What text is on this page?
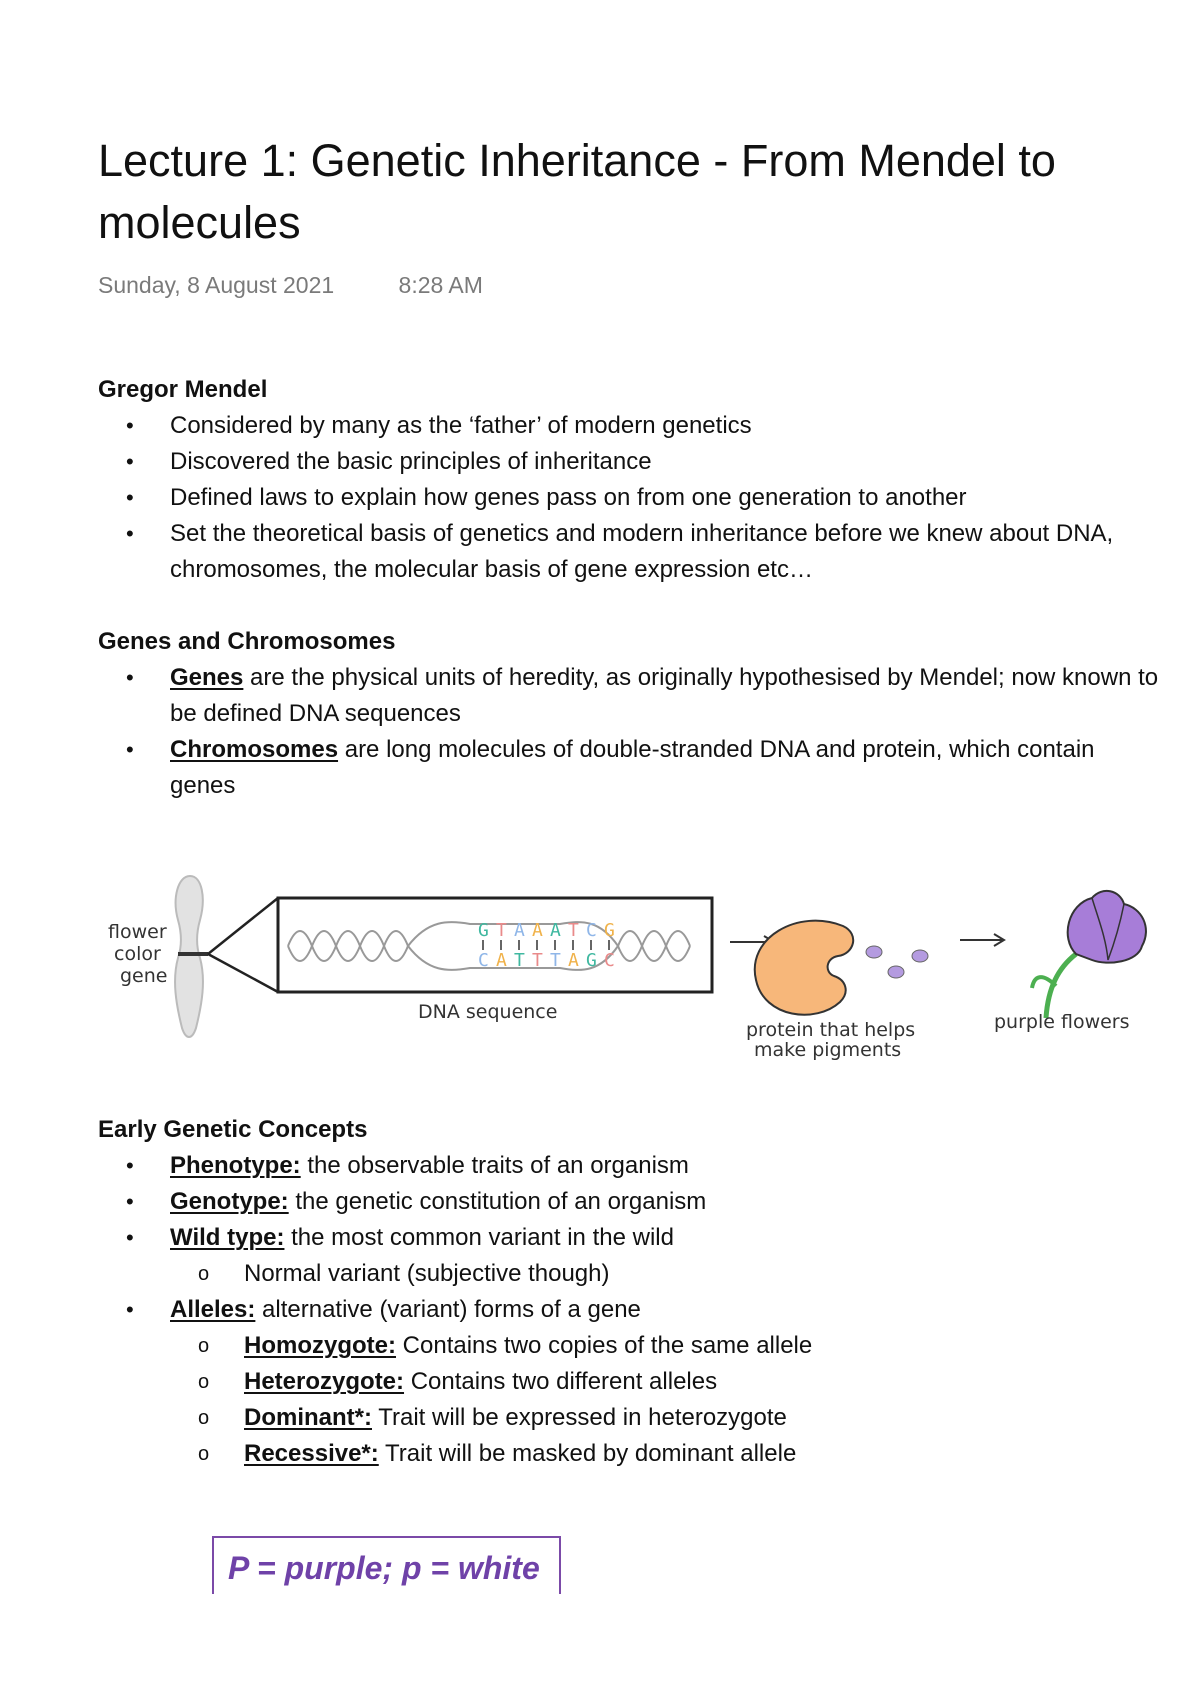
Lecture 1: Genetic Inheritance - From Mendel to molecules
Sunday, 8 August 2021	8:28 AM
Gregor Mendel
• Considered by many as the ‘father’ of modern genetics
• Discovered the basic principles of inheritance
• Defined laws to explain how genes pass on from one generation to another
• Set the theoretical basis of genetics and modern inheritance before we knew about DNA, chromosomes, the molecular basis of gene expression etc…
Genes and Chromosomes
• Genes are the physical units of heredity, as originally hypothesised by Mendel; now known to be defined DNA sequences
• Chromosomes are long molecules of double-stranded DNA and protein, which contain
genes
flower
color
gene
G T A A A T C G
C A T T T A G C
DNA sequence
protein that helps
make pigments
purple flowers
Early Genetic Concepts
• Phenotype: the observable traits of an organism
• Genotype: the genetic constitution of an organism
• Wild type: the most common variant in the wild
o Normal variant (subjective though)
• Alleles: alternative (variant) forms of a gene
o Homozygote: Contains two copies of the same allele
o Heterozygote: Contains two different alleles
o Dominant*: Trait will be expressed in heterozygote
o Recessive*: Trait will be masked by dominant allele
P = purple; p = white
